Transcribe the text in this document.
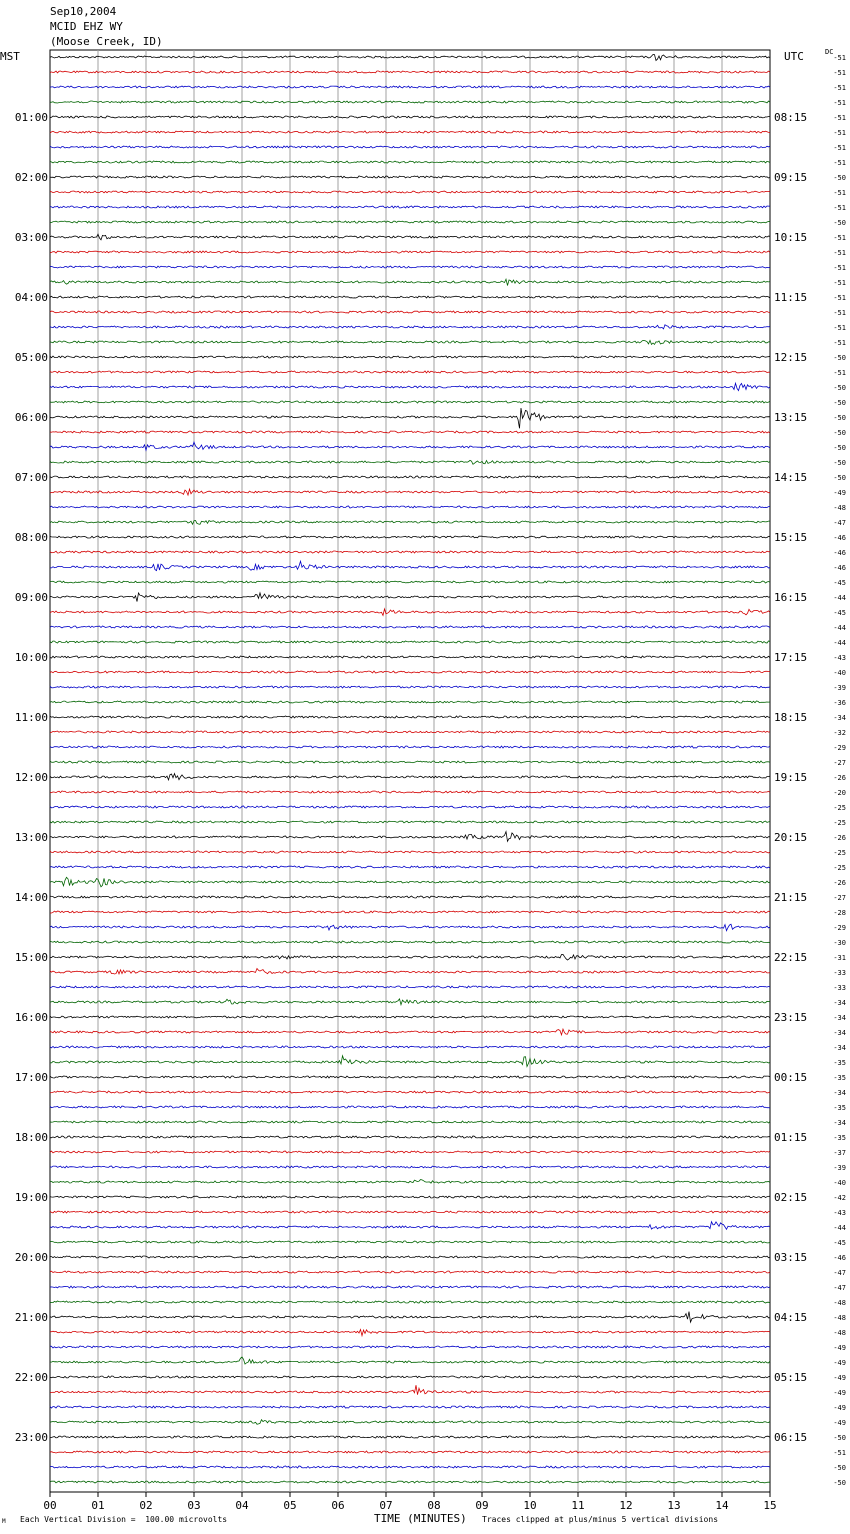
Sep10,2004
MCID EHZ WY
(Moose Creek, ID)
MST	UTC	DC
00	01	02	03	04	05	06	07	08	09	10	11	12	13	14	15
-51
-51
-51
-51
-51
-51
-51
-51
-50
-51
-51
-50
-51
-51
-51
-51
-51
-51
-51
-51
-50
-51
-50
-50
-50
-50
-50
-50
-50
-49
-48
-47
-46
-46
-46
-45
-44
-45
-44
-44
-43
-40
-39
-36
-34
-32
-29
-27
-26
-20
-25
-25
-26
-25
-25
-26
-27
-28
-29
-30
-31
-33
-33
-34
-34
-34
-34
-35
-35
-34
-35
-34
-35
-37
-39
-40
-42
-43
-44
-45
-46
-47
-47
-48
-48
-48
-49
-49
-49
-49
-49
-49
-50
-51
-50
-50
01:00
02:00
03:00
04:00
05:00
06:00
07:00
08:00
09:00
10:00
11:00
12:00
13:00
14:00
15:00
16:00
17:00
18:00
19:00
20:00
21:00
22:00
23:00
08:15
09:15
10:15
11:15
12:15
13:15
14:15
15:15
16:15
17:15
18:15
19:15
20:15
21:15
22:15
23:15
00:15
01:15
02:15
03:15
04:15
05:15
06:15
TIME (MINUTES)
M Each Vertical Division =  100.00 microvolts	Traces clipped at plus/minus 5 vertical divisions
